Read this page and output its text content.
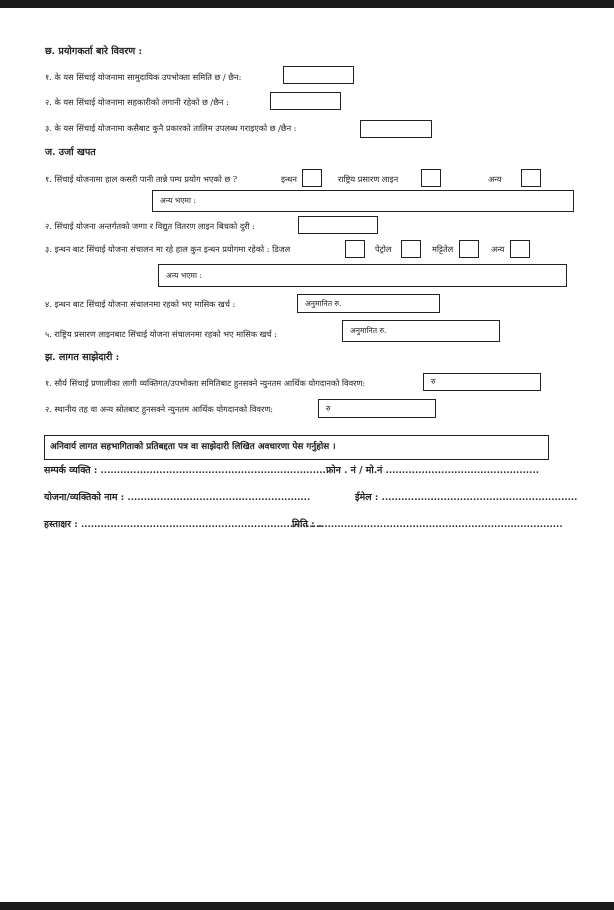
छ. प्रयोगकर्ता बारे विवरण :
१. के यस सिंचाई योजनामा सामुदायिक उपभोक्ता समिति छ / छैन:
२. के यस सिंचाई योजनामा सहकारीको लगानी रहेको छ /छैन :
३. के यस सिंचाई योजनामा कसैबाट कुनै प्रकारको तालिम उपलब्ध गराइएको छ /छैन :
ज. उर्जा खपत
१. सिंचाई योजनामा हाल कसरी पानी तान्ने पम्प प्रयोग भएको छ ?	इन्धन	राष्ट्रिय प्रसारण लाइन	अन्य
अन्य भएमा :
२. सिंचाई योजना अन्तर्गतको जग्गा र विद्युत वितरण लाइन बिचको दुरी :
३. इन्धन बाट सिंचाई योजना संचालन मा रहे हाल कुन इन्धन प्रयोगमा रहेको : डिजल	पेट्रोल	मट्टितेल	अन्य
अन्य भएमा :
४. इन्धन बाट सिंचाई योजना संचालनमा रहको भए मासिक खर्च :	अनुमानित रु.
५. राष्ट्रिय प्रसारण लाइनबाट सिंचाई योजना संचालनमा रहको भए मासिक खर्च :	अनुमानित रु.
झ. लागत साझेदारी :
१. सौर्य सिंचाई प्रणालीका लागी व्यक्तिगत/उपभोक्ता समितिबाट हुनसक्ने न्युनतम आर्थिक योगदानको विवरण:	रु
२. स्थानीय तह वा अन्य स्रोतबाट हुनसक्ने न्युनतम आर्थिक योगदानको विवरण:	रु
अनिवार्य लागत सहभागिताको प्रतिबद्दता पत्र वा साझेदारी लिखित अवधारणा पेस गर्नुहोस ।
सम्पर्क व्यक्ति : ......................................................................
फोन . नं / मो.नं ...............................................
योजना/व्यक्तिको नाम : ........................................................	ईमेल : ............................................................
हस्ताक्षर : ..........................................................................
मिति : ...........................................................................
